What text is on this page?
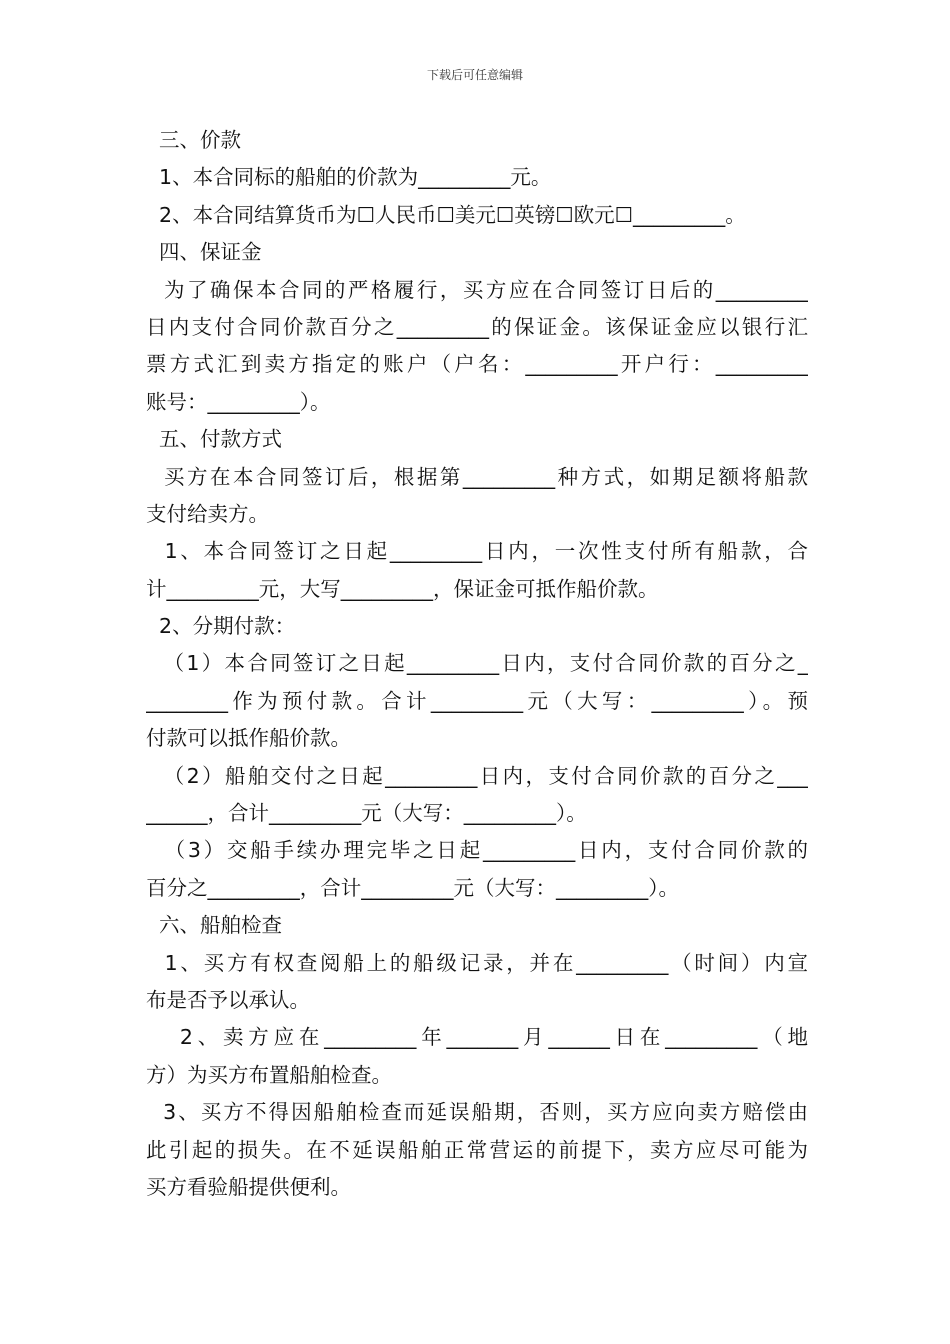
下载后可任意编辑
三、价款
1、本合同标的船舶的价款为_________元。
2、本合同结算货币为☐人民币☐美元☐英镑☐欧元☐_________。
四、保证金
为了确保本合同的严格履行，买方应在合同签订日后的_________
日内支付合同价款百分之_________的保证金。该保证金应以银行汇
票方式汇到卖方指定的账户（户名：_________开户行：_________
账号：_________）。
五、付款方式
买方在本合同签订后，根据第_________种方式，如期足额将船款
支付给卖方。
1、本合同签订之日起_________日内，一次性支付所有船款，合
计_________元，大写_________，保证金可抵作船价款。
2、分期付款：
（1）本合同签订之日起_________日内，支付合同价款的百分之_
________作为预付款。合计_________元（大写：_________）。预
付款可以抵作船价款。
（2）船舶交付之日起_________日内，支付合同价款的百分之___
______，合计_________元（大写：_________）。
（3）交船手续办理完毕之日起_________日内，支付合同价款的
百分之_________，合计_________元（大写：_________）。
六、船舶检查
1、买方有权查阅船上的船级记录，并在_________（时间）内宣
布是否予以承认。
2、卖方应在_________年_______月______日在_________（地
方）为买方布置船舶检查。
3、买方不得因船舶检查而延误船期，否则，买方应向卖方赔偿由
此引起的损失。在不延误船舶正常营运的前提下，卖方应尽可能为
买方看验船提供便利。
